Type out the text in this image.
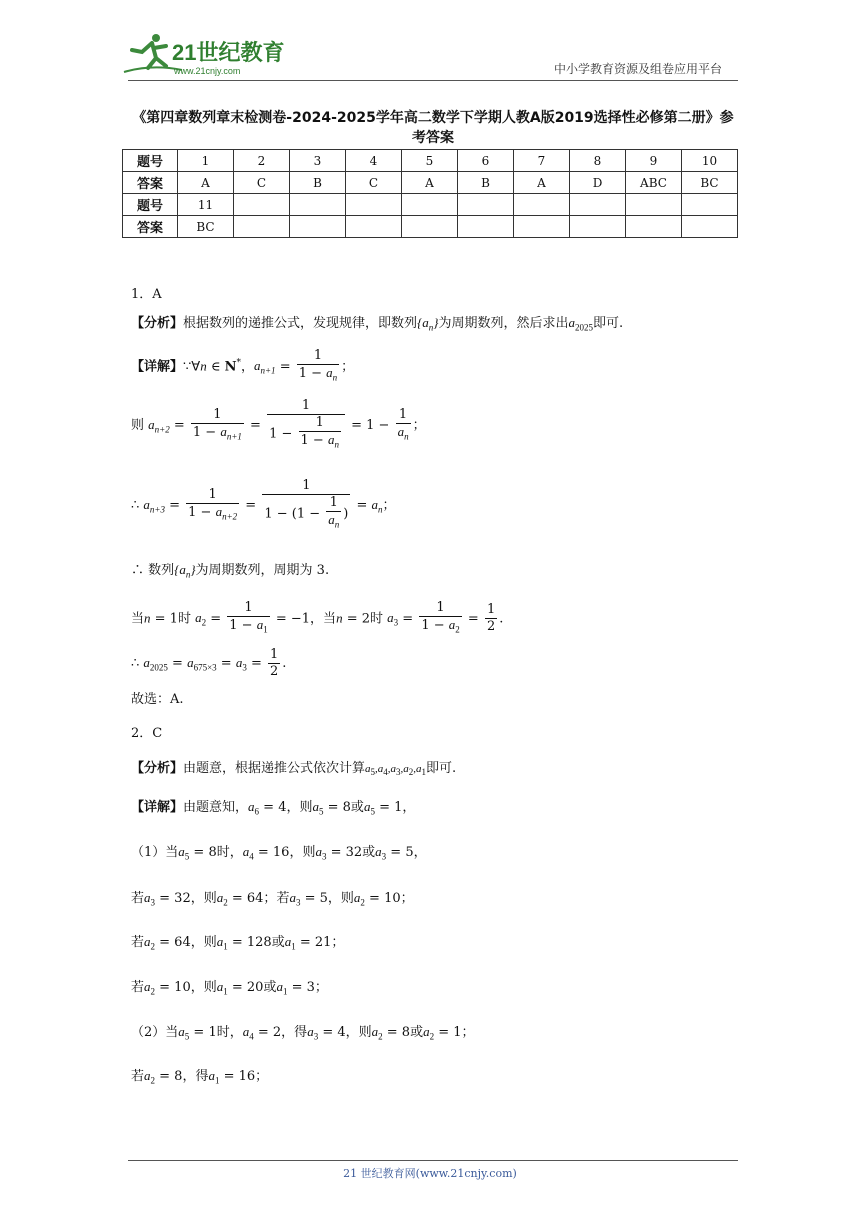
21世纪教育
www.21cnjy.com	中小学教育资源及组卷应用平台
《第四章数列章末检测卷-2024-2025学年高二数学下学期人教A版2019选择性必修第二册》参考答案
题号	1	2	3	4	5	6	7	8	9	10
答案	A	C	B	C	A	B	A	D	ABC	BC
题号	11									
答案	BC									
1．A
【分析】根据数列的递推公式，发现规律，即数列$\{a_n\}$为周期数列，然后求出$a_{2025}$即可.
【详解】∵∀n ∈ N*，$a_{n+1} = \frac{1}{1 - a_n}$ ；
则 $a_{n+2} = \frac{1}{1 - a_{n+1}} = \frac{1}{1 - \frac{1}{1 - a_n}} = 1 - \frac{1}{a_n}$ ；
∴ $a_{n+3} = \frac{1}{1 - a_{n+2}} = \frac{1}{1 - (1 - \frac{1}{a_n} )} = a_n$；
∴ 数列$\{a_n\}$为周期数列，周期为 3.
当n = 1时 $a_2 = \frac{1}{1 - a_1} = -1$，当n = 2时 $a_3 = \frac{1}{1 - a_2} = \frac{1}{2}$ .
∴ $a_{2025} = a_{675\times 3} = a_3 = \frac{1}{2}$ .
故选：A.
2．C
【分析】由题意，根据递推公式依次计算$a_5,a_4,a_3,a_2,a_1$即可.
【详解】由题意知，$a_6 = 4$，则$a_5 = 8$或$a_5 = 1$，
（1）当$a_5 = 8$时，$a_4 = 16$，则$a_3 = 32$或$a_3 = 5$，
若$a_3 = 32$，则$a_2 = 64$；若$a_3 = 5$，则$a_2 = 10$；
若$a_2 = 64$，则$a_1 = 128$或$a_1 = 21$；
若$a_2 = 10$，则$a_1 = 20$或$a_1 = 3$；
（2）当$a_5 = 1$时，$a_4 = 2$，得$a_3 = 4$，则$a_2 = 8$或$a_2 = 1$；
若$a_2 = 8$，得$a_1 = 16$；
21 世纪教育网(www.21cnjy.com)
